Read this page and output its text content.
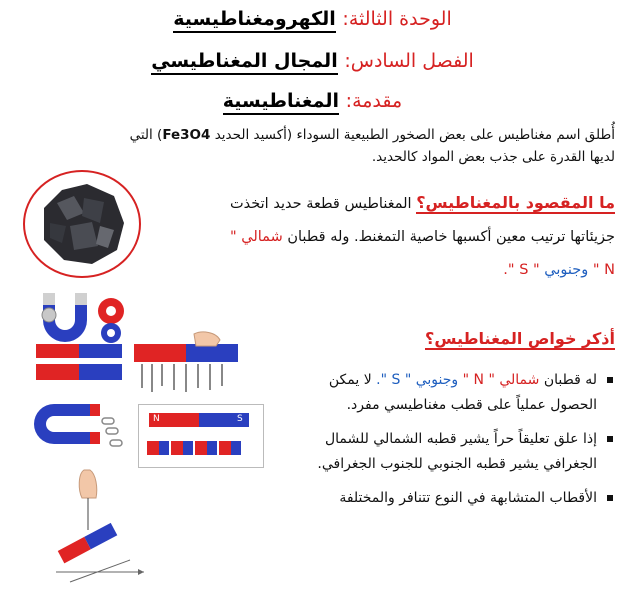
الوحدة الثالثة: الكهرومغناطيسية
الفصل السادس: المجال المغناطيسي
مقدمة: المغناطيسية
أُطلق اسم مغناطيس على بعض الصخور الطبيعية السوداء (أكسيد الحديد Fe3O4) التي
لديها القدرة على جذب بعض المواد كالحديد.
ما المقصود بالمغناطيس؟ المغناطيس قطعة حديد اتخذت جزيئاتها ترتيب معين أكسبها خاصية التمغنط. وله قطبان شمالي " N " وجنوبي " S ".
أذكر خواص المغناطيس؟
له قطبان شمالي " N " وجنوبي " S ". لا يمكن الحصول عملياً على قطب مغناطيسي مفرد.
إذا علق تعليقاً حراً يشير قطبه الشمالي للشمال الجغرافي يشير قطبه الجنوبي للجنوب الجغرافي.
الأقطاب المتشابهة في النوع تتنافر والمختلفة
N	S
